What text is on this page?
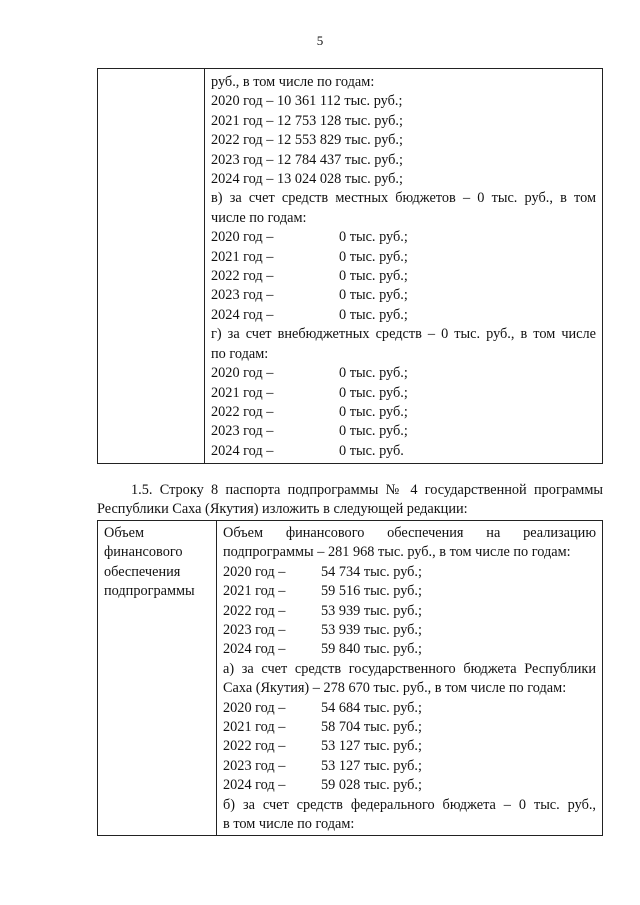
5

руб., в том числе по годам:
2020 год – 10 361 112 тыс. руб.;
2021 год – 12 753 128 тыс. руб.;
2022 год – 12 553 829 тыс. руб.;
2023 год – 12 784 437 тыс. руб.;
2024 год – 13 024 028 тыс. руб.;
в) за счет средств местных бюджетов – 0 тыс. руб., в том
числе по годам:
2020 год –	0 тыс. руб.;
2021 год –	0 тыс. руб.;
2022 год –	0 тыс. руб.;
2023 год –	0 тыс. руб.;
2024 год –	0 тыс. руб.;
г) за счет внебюджетных средств – 0 тыс. руб., в том числе
по годам:
2020 год –	0 тыс. руб.;
2021 год –	0 тыс. руб.;
2022 год –	0 тыс. руб.;
2023 год –	0 тыс. руб.;
2024 год –	0 тыс. руб.
1.5. Строку 8 паспорта подпрограммы № 4 государственной программы
Республики Саха (Якутия) изложить в следующей редакции:
Объем
финансового
обеспечения
подпрограммы

Объем финансового обеспечения на реализацию
подпрограммы – 281 968 тыс. руб., в том числе по годам:
2020 год –	54 734 тыс. руб.;
2021 год –	59 516 тыс. руб.;
2022 год –	53 939 тыс. руб.;
2023 год –	53 939 тыс. руб.;
2024 год –	59 840 тыс. руб.;
а) за счет средств государственного бюджета Республики
Саха (Якутия) – 278 670 тыс. руб., в том числе по годам:
2020 год –	54 684 тыс. руб.;
2021 год –	58 704 тыс. руб.;
2022 год –	53 127 тыс. руб.;
2023 год –	53 127 тыс. руб.;
2024 год –	59 028 тыс. руб.;
б) за счет средств федерального бюджета – 0 тыс. руб.,
в том числе по годам:
